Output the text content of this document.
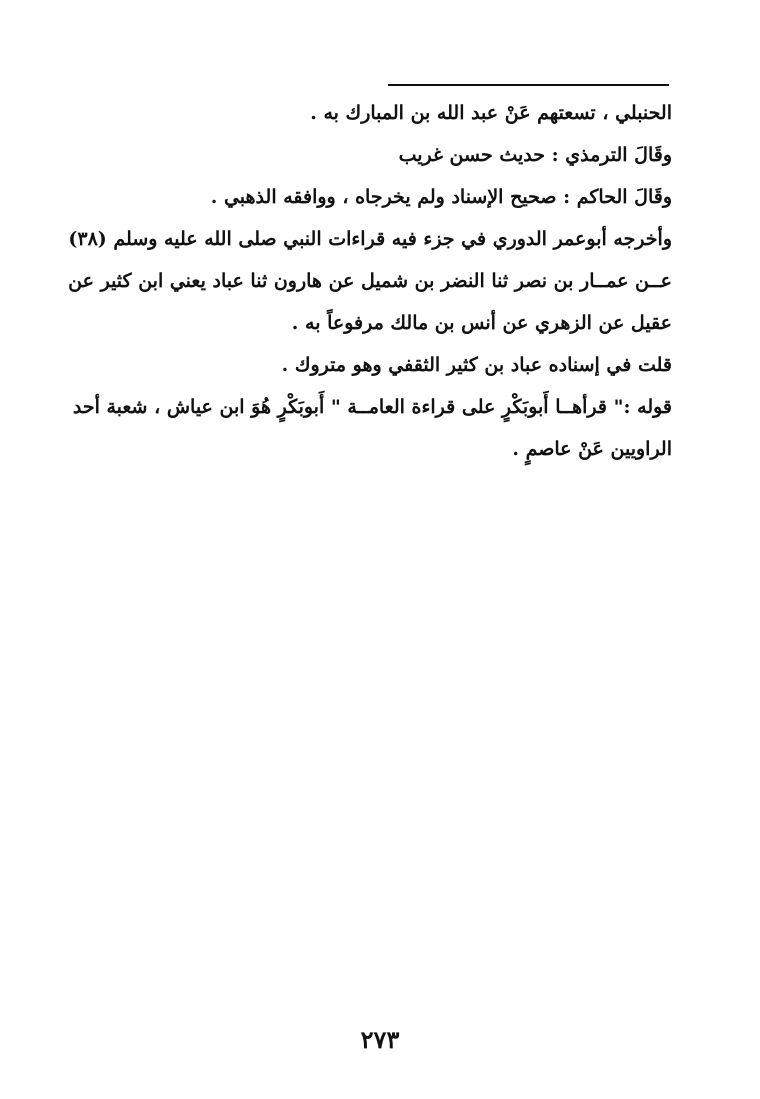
الحنبلي ، تسعتهم عَنْ عبد الله بن المبارك به .
وقَالَ الترمذي : حديث حسن غريب
وقَالَ الحاكم : صحيح الإسناد ولم يخرجاه ، ووافقه الذهبي .
وأخرجه أبوعمر الدوري في جزء فيه قراءات النبي صلى الله عليه وسلم (٣٨)
عــن عمــار بن نصر ثنا النضر بن شميل عن هارون ثنا عباد يعني ابن كثير عن
عقيل عن الزهري عن أنس بن مالك مرفوعاً به .
قلت في إسناده عباد بن كثير الثقفي وهو متروك .
قوله :" قرأهــا أَبوبَكْرٍ على قراءة العامــة " أَبوبَكْرٍ هُوَ ابن عياش ، شعبة أحد
الراويين عَنْ عاصمٍ .
٢٧٣
